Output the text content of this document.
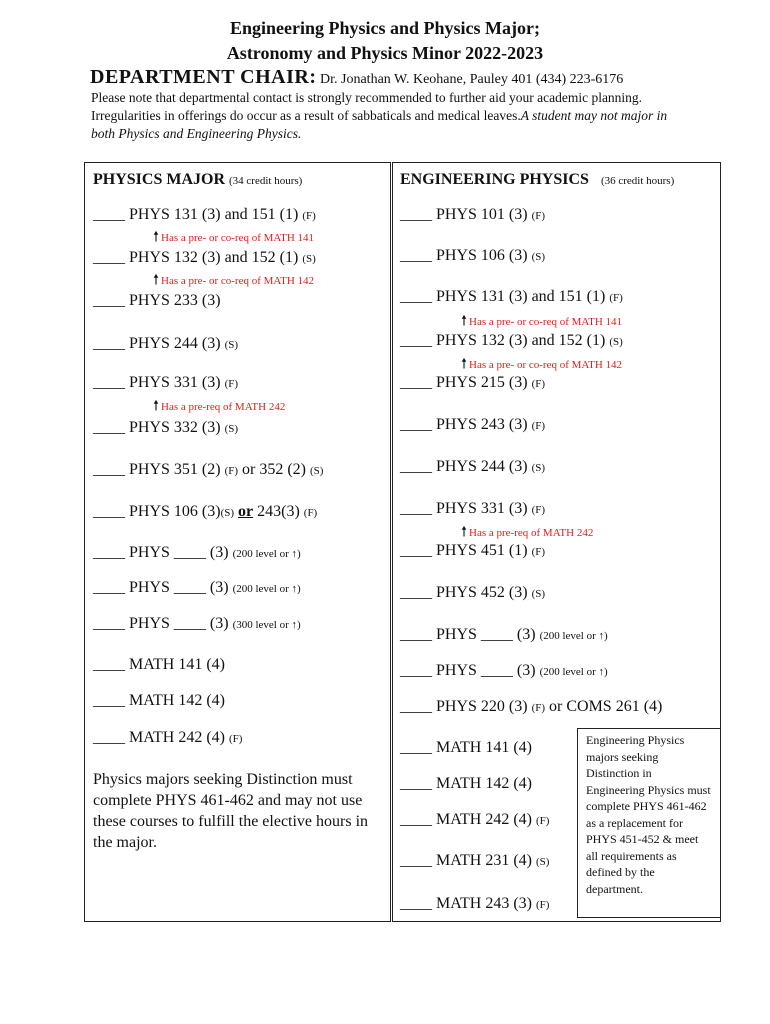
Engineering Physics and Physics Major;
Astronomy and Physics Minor 2022-2023
DEPARTMENT CHAIR: Dr. Jonathan W. Keohane, Pauley 401 (434) 223-6176
Please note that departmental contact is strongly recommended to further aid your academic planning. Irregularities in offerings do occur as a result of sabbaticals and medical leaves.A student may not major in both Physics and Engineering Physics.
PHYSICS MAJOR (34 credit hours)	ENGINEERING PHYSICS (36 credit hours)
____ PHYS 131 (3) and 151 (1) (F)
🠕 Has a pre- or co-req of MATH 141
____ PHYS 132 (3) and 152 (1) (S)
🠕 Has a pre- or co-req of MATH 142
____ PHYS 233 (3)
____ PHYS 244 (3) (S)
____ PHYS 331 (3) (F)
🠕 Has a pre-req of MATH 242
____ PHYS 332 (3) (S)
____ PHYS 351 (2) (F) or 352 (2) (S)
____ PHYS 106 (3)(S) or 243(3) (F)
____ PHYS ____ (3) (200 level or ↑)
____ PHYS ____ (3) (200 level or ↑)
____ PHYS ____ (3) (300 level or ↑)
____ MATH 141 (4)
____ MATH 142 (4)
____ MATH 242 (4) (F)
Physics majors seeking Distinction must complete PHYS 461-462 and may not use these courses to fulfill the elective hours in the major.
____ PHYS 101 (3) (F)
____ PHYS 106 (3) (S)
____ PHYS 131 (3) and 151 (1) (F)
🠕 Has a pre- or co-req of MATH 141
____ PHYS 132 (3) and 152 (1) (S)
🠕 Has a pre- or co-req of MATH 142
____ PHYS 215 (3) (F)
____ PHYS 243 (3) (F)
____ PHYS 244 (3) (S)
____ PHYS 331 (3) (F)
🠕 Has a pre-req of MATH 242
____ PHYS 451 (1) (F)
____ PHYS 452 (3) (S)
____ PHYS ____ (3) (200 level or ↑)
____ PHYS ____ (3) (200 level or ↑)
____ PHYS 220 (3) (F) or COMS 261 (4)
____ MATH 141 (4)
____ MATH 142 (4)
____ MATH 242 (4) (F)
____ MATH 231 (4) (S)
____ MATH 243 (3) (F)
Engineering Physics majors seeking Distinction in Engineering Physics must complete PHYS 461-462 as a replacement for PHYS 451-452 & meet all requirements as defined by the department.
